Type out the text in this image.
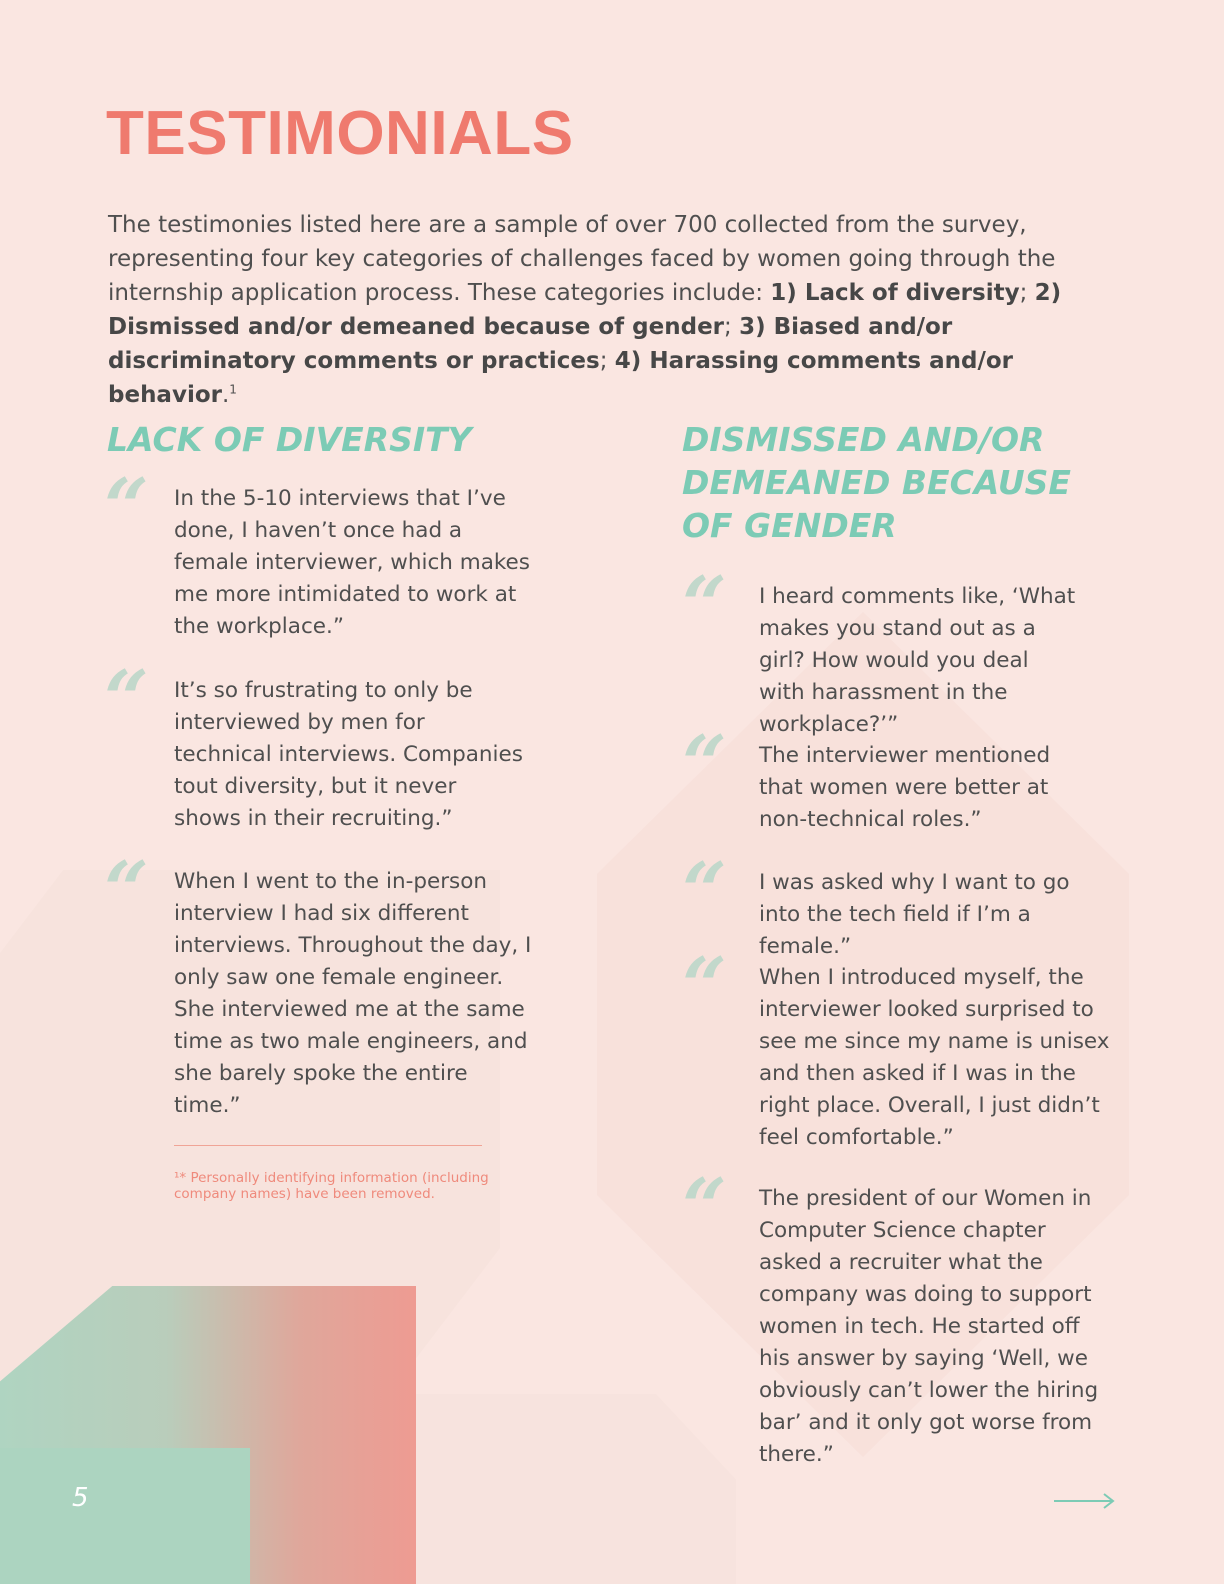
TESTIMONIALS

The testimonies listed here are a sample of over 700 collected from the survey, representing four key categories of challenges faced by women going through the internship application process. These categories include: 1) Lack of diversity; 2) Dismissed and/or demeaned because of gender; 3) Biased and/or discriminatory comments or practices; 4) Harassing comments and/or behavior.$^1$

LACK OF DIVERSITY
“ In the 5-10 interviews that I’ve done, I haven’t once had a female interviewer, which makes me more intimidated to work at the workplace.”

“ It’s so frustrating to only be interviewed by men for technical interviews. Companies tout diversity, but it never shows in their recruiting.”

“ When I went to the in-person interview I had six different interviews. Throughout the day, I only saw one female engineer. She interviewed me at the same time as two male engineers, and she barely spoke the entire time.”

¹* Personally identifying information (including company names) have been removed.

DISMISSED AND/OR
DEMEANED BECAUSE
OF GENDER
“ I heard comments like, ‘What makes you stand out as a girl? How would you deal with harassment in the workplace?’”

“ The interviewer mentioned that women were better at non-technical roles.”

“ I was asked why I want to go into the tech field if I’m a female.”

“ When I introduced myself, the interviewer looked surprised to see me since my name is unisex and then asked if I was in the right place. Overall, I just didn’t feel comfortable.”

“ The president of our Women in Computer Science chapter asked a recruiter what the company was doing to support women in tech. He started off his answer by saying ‘Well, we obviously can’t lower the hiring bar’ and it only got worse from there.”

5
